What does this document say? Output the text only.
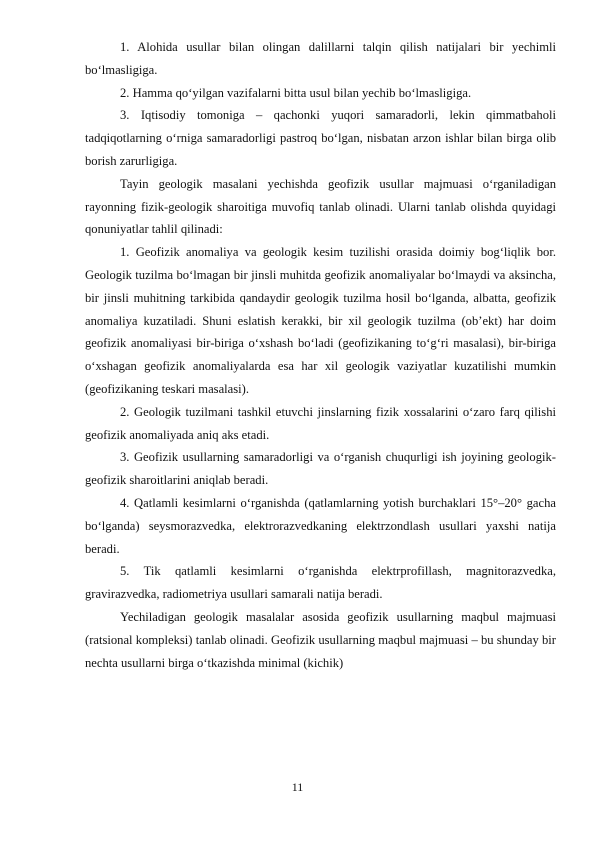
1. Alohida usullar bilan olingan dalillarni talqin qilish natijalari bir yechimli bo‘lmasligiga.

2. Hamma qo‘yilgan vazifalarni bitta usul bilan yechib bo‘lmasligiga.

3. Iqtisodiy tomoniga – qachonki yuqori samaradorli, lekin qimmatbaholi tadqiqotlarning o‘rniga samaradorligi pastroq bo‘lgan, nisbatan arzon ishlar bilan birga olib borish zarurligiga.

Tayin geologik masalani yechishda geofizik usullar majmuasi o‘rganiladigan rayonning fizik-geologik sharoitiga muvofiq tanlab olinadi. Ularni tanlab olishda quyidagi qonuniyatlar tahlil qilinadi:

1. Geofizik anomaliya va geologik kesim tuzilishi orasida doimiy bog‘liqlik bor. Geologik tuzilma bo‘lmagan bir jinsli muhitda geofizik anomaliyalar bo‘lmaydi va aksincha, bir jinsli muhitning tarkibida qandaydir geologik tuzilma hosil bo‘lganda, albatta, geofizik anomaliya kuzatiladi. Shuni eslatish kerakki, bir xil geologik tuzilma (ob’ekt) har doim geofizik anomaliyasi bir-biriga o‘xshash bo‘ladi (geofizikaning to‘g‘ri masalasi), bir-biriga o‘xshagan geofizik anomaliyalarda esa har xil geologik vaziyatlar kuzatilishi mumkin (geofizikaning teskari masalasi).

2. Geologik tuzilmani tashkil etuvchi jinslarning fizik xossalarini o‘zaro farq qilishi geofizik anomaliyada aniq aks etadi.

3. Geofizik usullarning samaradorligi va o‘rganish chuqurligi ish joyining geologik-geofizik sharoitlarini aniqlab beradi.

4. Qatlamli kesimlarni o‘rganishda (qatlamlarning yotish burchaklari 15°–20° gacha bo‘lganda) seysmorazvedka, elektrorazvedkaning elektrzondlash usullari yaxshi natija beradi.

5. Tik qatlamli kesimlarni o‘rganishda elektrprofillash, magnitorazvedka, gravirazvedka, radiometriya usullari samarali natija beradi.

Yechiladigan geologik masalalar asosida geofizik usullarning maqbul majmuasi (ratsional kompleksi) tanlab olinadi. Geofizik usullarning maqbul majmuasi – bu shunday bir nechta usullarni birga o‘tkazishda minimal (kichik)

11
